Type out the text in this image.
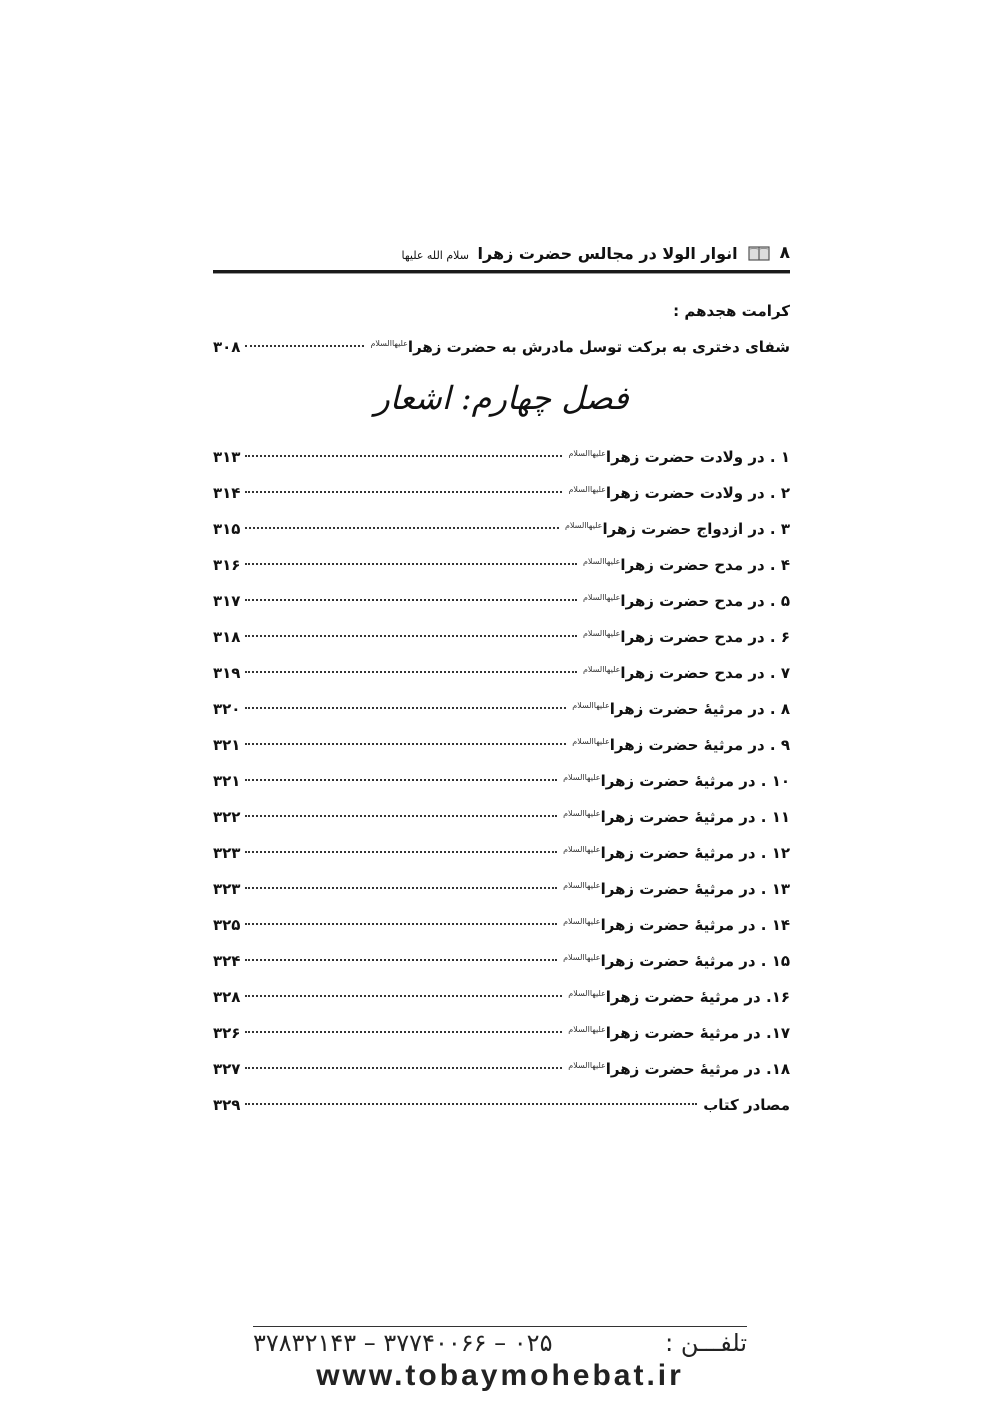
۸
انوار الولا در مجالس حضرت زهرا سلام الله علیها
کرامت هجدهم :
شفای دختری به برکت توسل مادرش به حضرت زهرا$^{علیهاالسلام}$
۳۰۸
فصل چهارم: اشعار
۱ . در ولادت حضرت زهرا$^{علیهاالسلام}$
۳۱۳
۲ . در ولادت حضرت زهرا$^{علیهاالسلام}$
۳۱۴
۳ . در ازدواج حضرت زهرا$^{علیهاالسلام}$
۳۱۵
۴ . در مدح حضرت زهرا$^{علیهاالسلام}$
۳۱۶
۵ . در مدح حضرت زهرا$^{علیهاالسلام}$
۳۱۷
۶ . در مدح حضرت زهرا$^{علیهاالسلام}$
۳۱۸
۷ . در مدح حضرت زهرا$^{علیهاالسلام}$
۳۱۹
۸ . در مرثیهٔ حضرت زهرا$^{علیهاالسلام}$
۳۲۰
۹ . در مرثیهٔ حضرت زهرا$^{علیهاالسلام}$
۳۲۱
۱۰ . در مرثیهٔ حضرت زهرا$^{علیهاالسلام}$
۳۲۱
۱۱ . در مرثیهٔ حضرت زهرا$^{علیهاالسلام}$
۳۲۲
۱۲ . در مرثیهٔ حضرت زهرا$^{علیهاالسلام}$
۳۲۳
۱۳ . در مرثیهٔ حضرت زهرا$^{علیهاالسلام}$
۳۲۳
۱۴ . در مرثیهٔ حضرت زهرا$^{علیهاالسلام}$
۳۲۵
۱۵ . در مرثیهٔ حضرت زهرا$^{علیهاالسلام}$
۳۲۴
۱۶. در مرثیهٔ حضرت زهرا$^{علیهاالسلام}$
۳۲۸
۱۷. در مرثیهٔ حضرت زهرا$^{علیهاالسلام}$
۳۲۶
۱۸. در مرثیهٔ حضرت زهرا$^{علیهاالسلام}$
۳۲۷
مصادر کتاب
۳۲۹
تلفـــن :
۰۲۵ – ۳۷۷۴۰۰۶۶ – ۳۷۸۳۲۱۴۳
www.tobaymohebat.ir
